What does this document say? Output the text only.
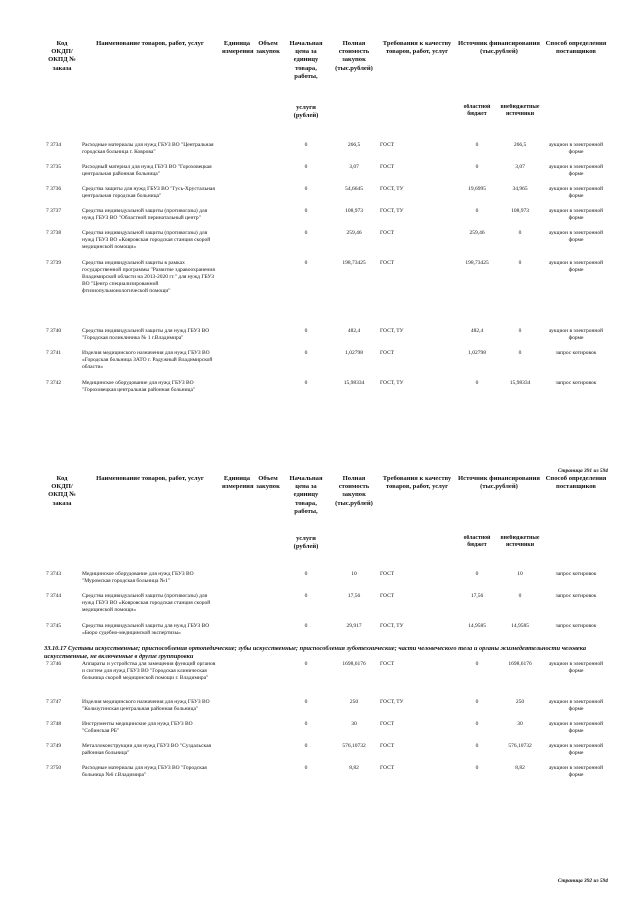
Код ОКДП/ ОКПД № заказа	Наименование товаров, работ, услуг	Единица измерения	Объем закупок	Начальная цена за единицу товара, работы,	Полная стоимость закупок (тыс.рублей)	Требования к качеству товаров, работ, услуг	Источник финансирования (тыс.рублей)		Способ определения поставщиков
				услуги (рублей)			областной бюджет	внебюджетные источники	

7 3734	Расходные материалы для нужд ГБУЗ ВО "Центральная городская больница г. Коврова"			0	266,5	ГОСТ	0	266,5	аукцион в электронной форме
7 3735	Расходный материал для нужд ГБУЗ ВО "Гороховецкая центральная районная больница"			0	3,07	ГОСТ	0	3,07	аукцион в электронной форме
7 3736	Средства защиты для нужд ГБУЗ ВО "Гусь-Хрустальная центральная городская больница"			0	54,6645	ГОСТ, ТУ	19,6995	34,965	аукцион в электронной форме
7 3737	Средства индивидуальной защиты (противогазы) для нужд ГБУЗ ВО "Областной перинатальный центр"			0	108,973	ГОСТ, ТУ	0	108,973	аукцион в электронной форме
7 3738	Средства индивидуальной защиты (противогазы) для нужд ГБУЗ ВО «Ковровская городская станция скорой медицинской помощи»			0	259,46	ГОСТ	259,46	0	аукцион в электронной форме
7 3739	Средства индивидуальной защиты в рамках государственной программы "Развитие здравоохранения Владимирской области на 2013-2020 гг." для нужд ГБУЗ ВО "Центр специализированной фтизиопульмонологической помощи"			0	198,73425	ГОСТ	198,73425	0	аукцион в электронной форме
7 3740	Средства индивидуальной защиты для нужд ГБУЗ ВО "Городская поликлиника № 1 г.Владимира"			0	482,4	ГОСТ, ТУ	482,4	0	аукцион в электронной форме
7 3741	Изделия медицинского назначения для нужд ГБУЗ ВО «Городская больница ЗАТО г. Радужный Владимирской области»			0	1,02798	ГОСТ	1,02798	0	запрос котировок
7 3742	Медицинское оборудование для нужд ГБУЗ ВО "Гороховецкая центральная районная больница"			0	15,98334	ГОСТ, ТУ	0	15,98334	запрос котировок
Страница 391 из 594
Код ОКДП/ ОКПД № заказа	Наименование товаров, работ, услуг	Единица измерения	Объем закупок	Начальная цена за единицу товара, работы,	Полная стоимость закупок (тыс.рублей)	Требования к качеству товаров, работ, услуг	Источник финансирования (тыс.рублей)		Способ определения поставщиков
				услуги (рублей)			областной бюджет	внебюджетные источники	

7 3743	Медицинское оборудование для нужд ГБУЗ ВО "Муромская городская больница №1"			0	10	ГОСТ	0	10	запрос котировок
7 3744	Средства индивидуальной защиты (противогазы) для нужд ГБУЗ ВО «Ковровская городская станция скорой медицинской помощи»			0	17,56	ГОСТ	17,56	0	запрос котировок
7 3745	Средства индивидуальной защиты для нужд ГБУЗ ВО «Бюро судебно-медицинской экспертизы»			0	29,917	ГОСТ, ТУ	14,9585	14,9585	запрос котировок
33.10.17 Суставы искусственные; приспособления ортопедические; зубы искусственные; приспособления зуботехнические; части человеческого тела и органы жизнедеятельности человека искусственные, не включенные в другие группировки									
7 3746	Аппараты и устройства для замещения функций органов и систем для нужд ГБУЗ ВО "Городская клиническая больница скорой медицинской помощи г. Владимира"			0	1698,6176	ГОСТ	0	1698,6176	аукцион в электронной форме
7 3747	Изделия медицинского назначения для нужд ГБУЗ ВО "Кольчугинская центральная районная больница"			0	250	ГОСТ, ТУ	0	250	аукцион в электронной форме
7 3748	Инструменты медицинские для нужд ГБУЗ ВО "Собинская РБ"			0	30	ГОСТ	0	30	аукцион в электронной форме
7 3749	Металлоконструкции для нужд ГБУЗ ВО "Суздальская районная больница"			0	576,10732	ГОСТ	0	576,10732	аукцион в электронной форме
7 3750	Расходные материалы для нужд ГБУЗ ВО "Городская больница №6 г.Владимира"			0	8,82	ГОСТ	0	8,82	аукцион в электронной форме
Страница 392 из 594
